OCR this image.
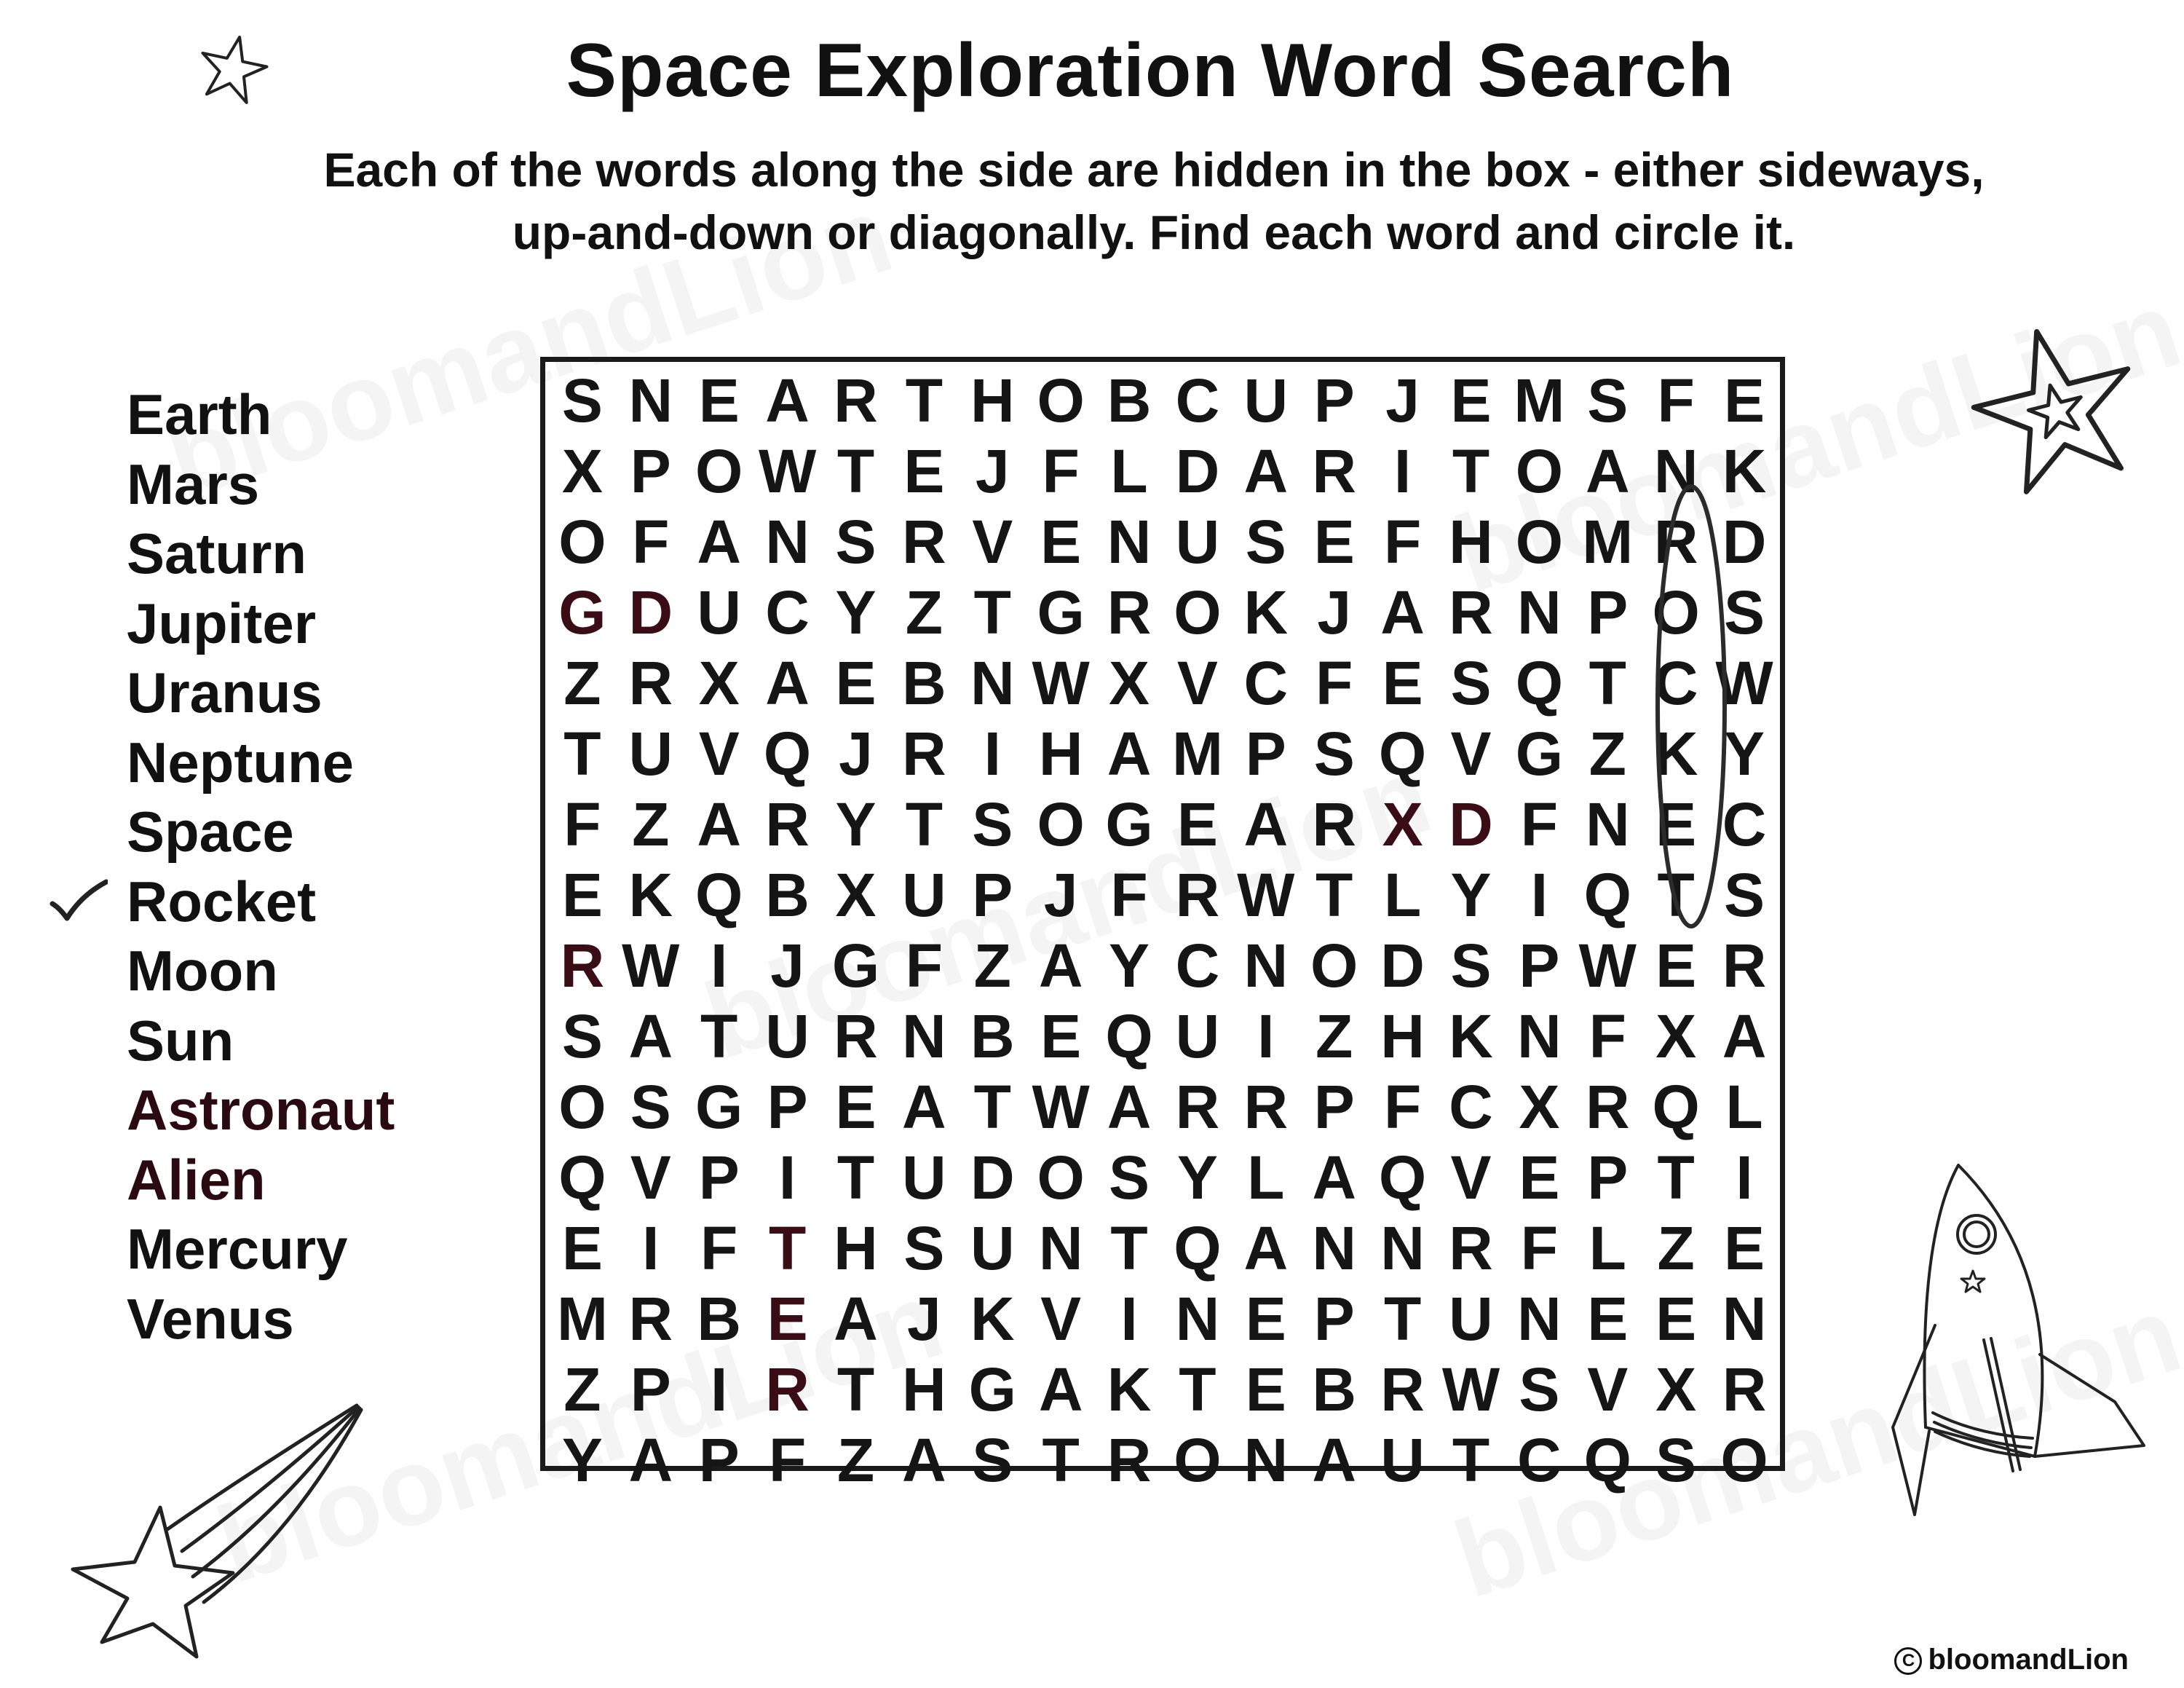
Space Exploration Word Search
Each of the words along the side are hidden in the box - either sideways,
up-and-down or diagonally. Find each word and circle it.
Earth
Mars
Saturn
Jupiter
Uranus
Neptune
Space
Rocket
Moon
Sun
Astronaut
Alien
Mercury
Venus
S N E A R T H O B C U P J E M S F E
X P O W T E J F L D A R I T O A N K
O F A N S R V E N U S E F H O M R D
G D U C Y Z T G R O K J A R N P O S
Z R X A E B N W X V C F E S Q T C W
T U V Q J R I H A M P S Q V G Z K Y
F Z A R Y T S O G E A R X D F N E C
E K Q B X U P J F R W T L Y I Q T S
R W I J G F Z A Y C N O D S P W E R
S A T U R N B E Q U I Z H K N F X A
O S G P E A T W A R R P F C X R Q L
Q V P I T U D O S Y L A Q V E P T I
E I F T H S U N T Q A N N R F L Z E
M R B E A J K V I N E P T U N E E N
Z P I R T H G A K T E B R W S V X R
Y A P F Z A S T R O N A U T C Q S O
C bloomandLion
